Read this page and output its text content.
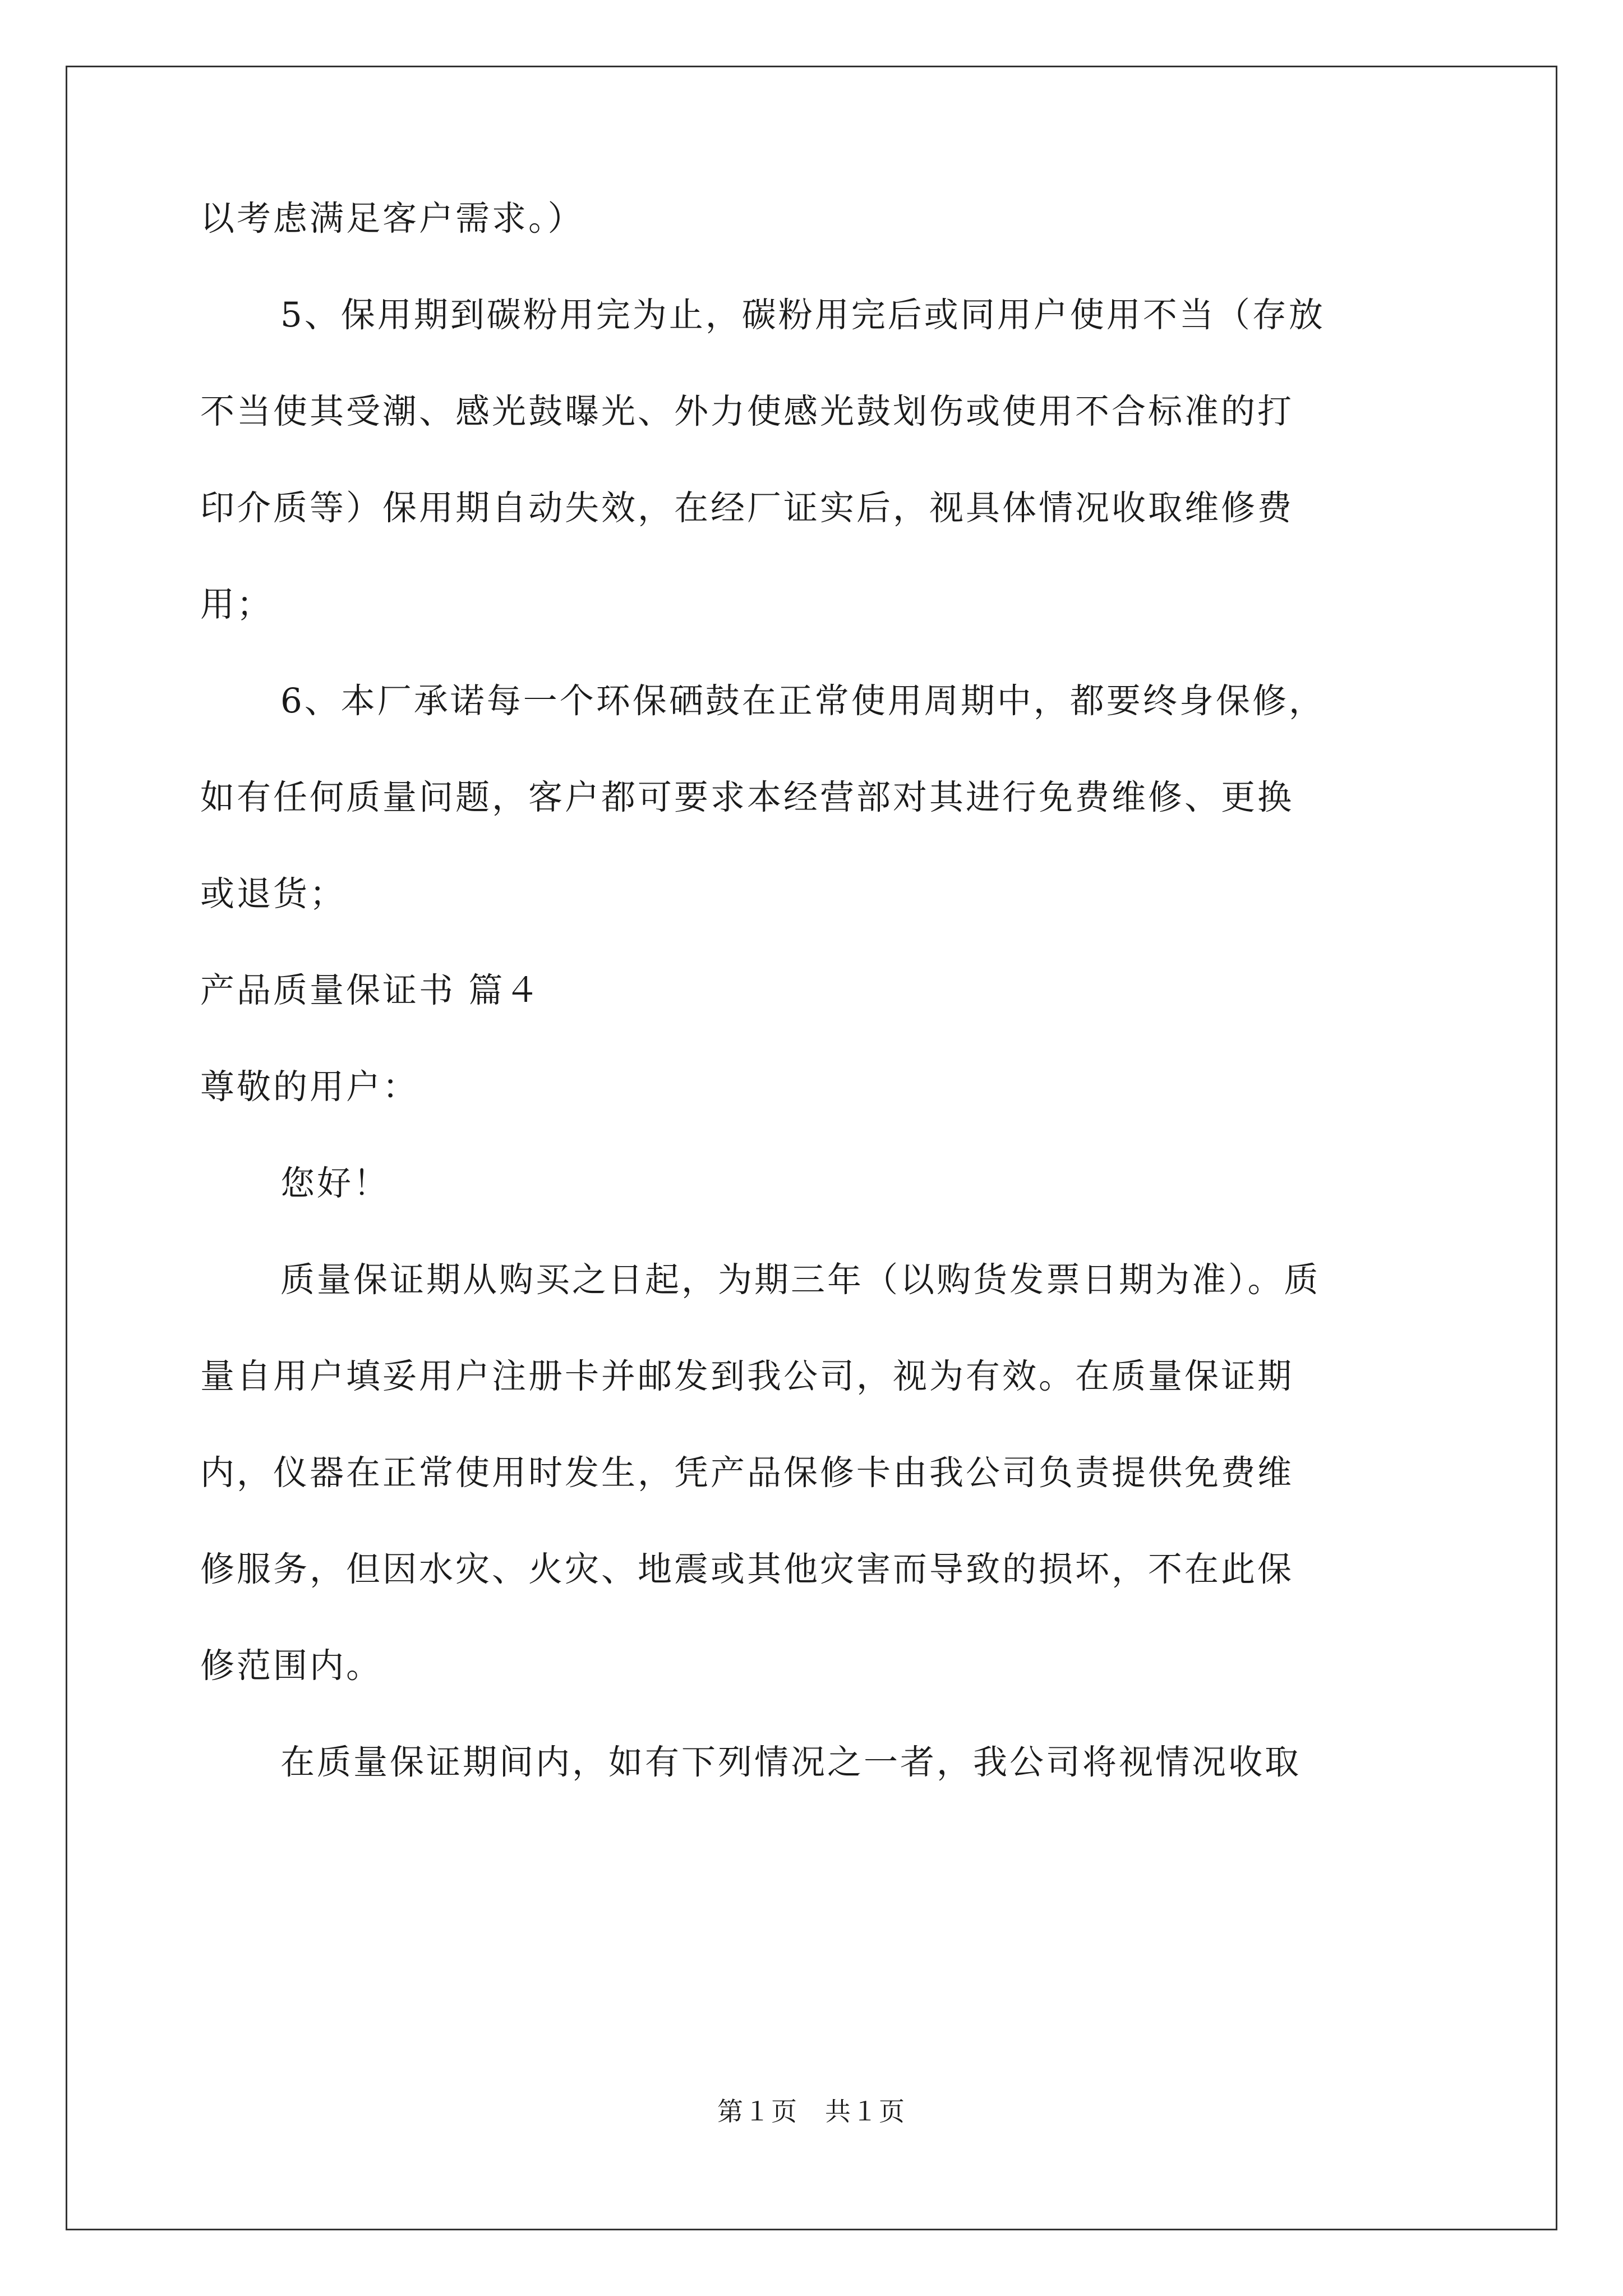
以考虑满足客户需求。）
5、保用期到碳粉用完为止，碳粉用完后或同用户使用不当（存放
不当使其受潮、感光鼓曝光、外力使感光鼓划伤或使用不合标准的打
印介质等）保用期自动失效，在经厂证实后，视具体情况收取维修费
用；
6、本厂承诺每一个环保硒鼓在正常使用周期中，都要终身保修，
如有任何质量问题，客户都可要求本经营部对其进行免费维修、更换
或退货；
产品质量保证书 篇４
尊敬的用户：
您好！
质量保证期从购买之日起，为期三年（以购货发票日期为准）。质
量自用户填妥用户注册卡并邮发到我公司，视为有效。在质量保证期
内，仪器在正常使用时发生，凭产品保修卡由我公司负责提供免费维
修服务，但因水灾、火灾、地震或其他灾害而导致的损坏，不在此保
修范围内。
在质量保证期间内，如有下列情况之一者，我公司将视情况收取
第１页　共１页
